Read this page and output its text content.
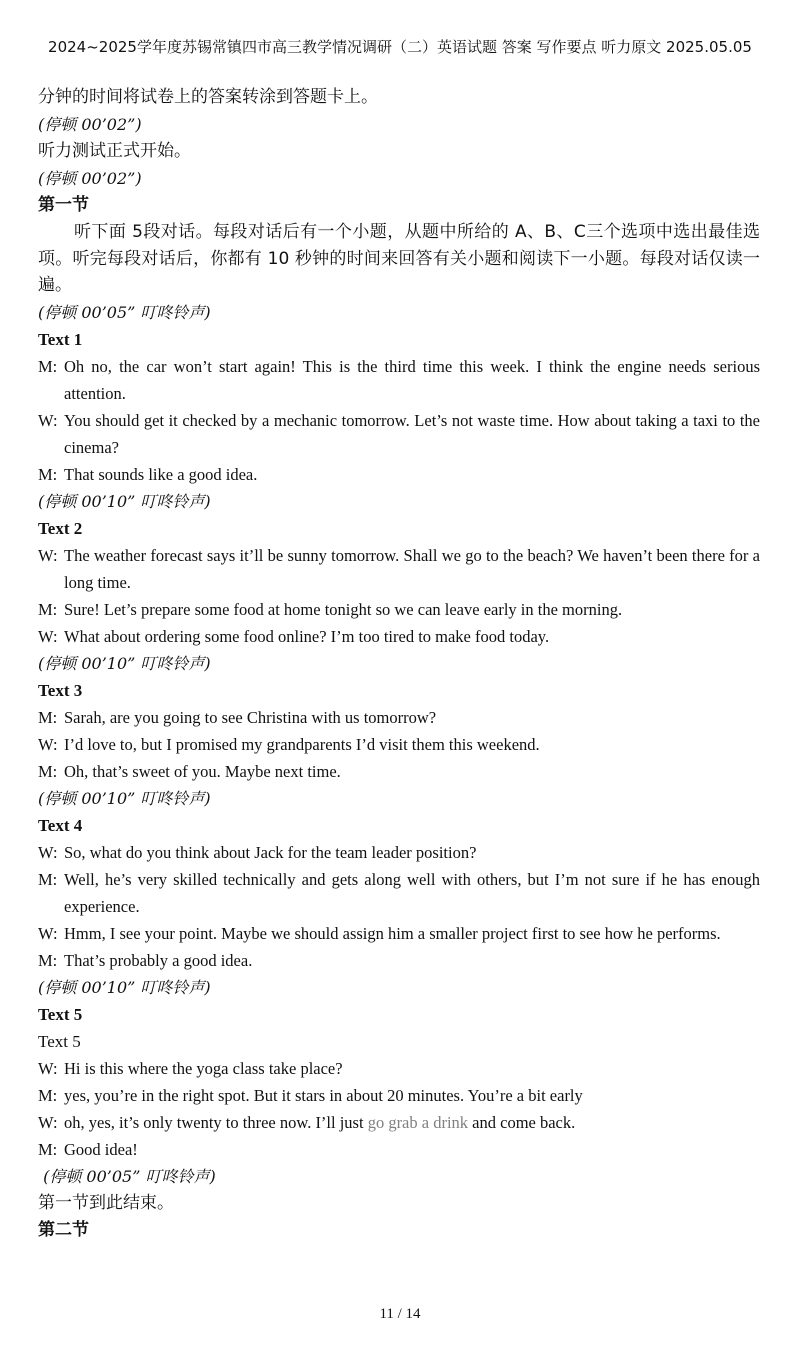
2024~2025学年度苏锡常镇四市高三教学情况调研（二）英语试题 答案 写作要点 听力原文 2025.05.05
分钟的时间将试卷上的答案转涂到答题卡上。
(停顿 00’02”)
听力测试正式开始。
(停顿 00’02”)
第一节
听下面 5段对话。每段对话后有一个小题，从题中所给的 A、B、C三个选项中选出最佳选项。听完每段对话后，你都有 10 秒钟的时间来回答有关小题和阅读下一小题。每段对话仅读一遍。
(停顿 00’05” 叮咚铃声)
Text 1
M: Oh no, the car won’t start again! This is the third time this week. I think the engine needs serious attention.
W: You should get it checked by a mechanic tomorrow. Let’s not waste time. How about taking a taxi to the cinema?
M: That sounds like a good idea.
(停顿 00’10” 叮咚铃声)
Text 2
W: The weather forecast says it’ll be sunny tomorrow. Shall we go to the beach? We haven’t been there for a long time.
M: Sure! Let’s prepare some food at home tonight so we can leave early in the morning.
W: What about ordering some food online? I’m too tired to make food today.
(停顿 00’10” 叮咚铃声)
Text 3
M: Sarah, are you going to see Christina with us tomorrow?
W: I’d love to, but I promised my grandparents I’d visit them this weekend.
M: Oh, that’s sweet of you. Maybe next time.
(停顿 00’10” 叮咚铃声)
Text 4
W: So, what do you think about Jack for the team leader position?
M: Well, he’s very skilled technically and gets along well with others, but I’m not sure if he has enough experience.
W: Hmm, I see your point. Maybe we should assign him a smaller project first to see how he performs.
M: That’s probably a good idea.
(停顿 00’10” 叮咚铃声)
Text 5
Text 5
W: Hi is this where the yoga class take place?
M: yes, you’re in the right spot. But it stars in about 20 minutes. You’re a bit early
W: oh, yes, it’s only twenty to three now. I’ll just go grab a drink and come back.
M: Good idea!
(停顿 00’05” 叮咚铃声)
第一节到此结束。
第二节
11 / 14
